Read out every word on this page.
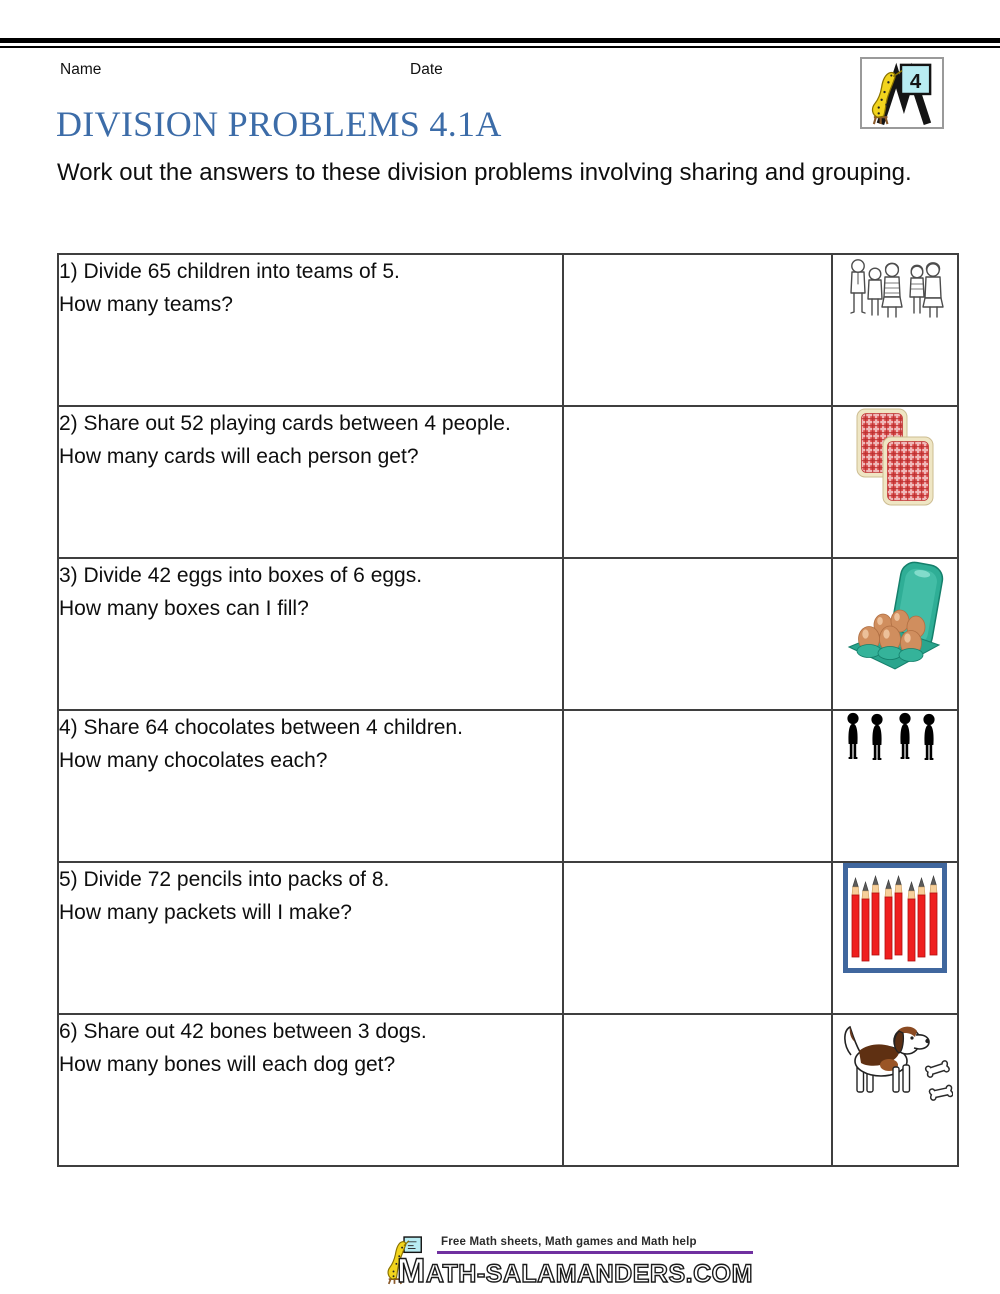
Name	Date
4
DIVISION PROBLEMS 4.1A
Work out the answers to these division problems involving sharing and grouping.
1) Divide 65 children into teams of 5.
How many teams?

2) Share out 52 playing cards between 4 people.
How many cards will each person get?

3) Divide 42 eggs into boxes of 6 eggs.
How many boxes can I fill?

4) Share 64 chocolates between 4 children.
How many chocolates each?

5) Divide 72 pencils into packs of 8.
How many packets will I make?

6) Share out 42 bones between 3 dogs.
How many bones will each dog get?

Free Math sheets, Math games and Math help
MATH-SALAMANDERS.COM
